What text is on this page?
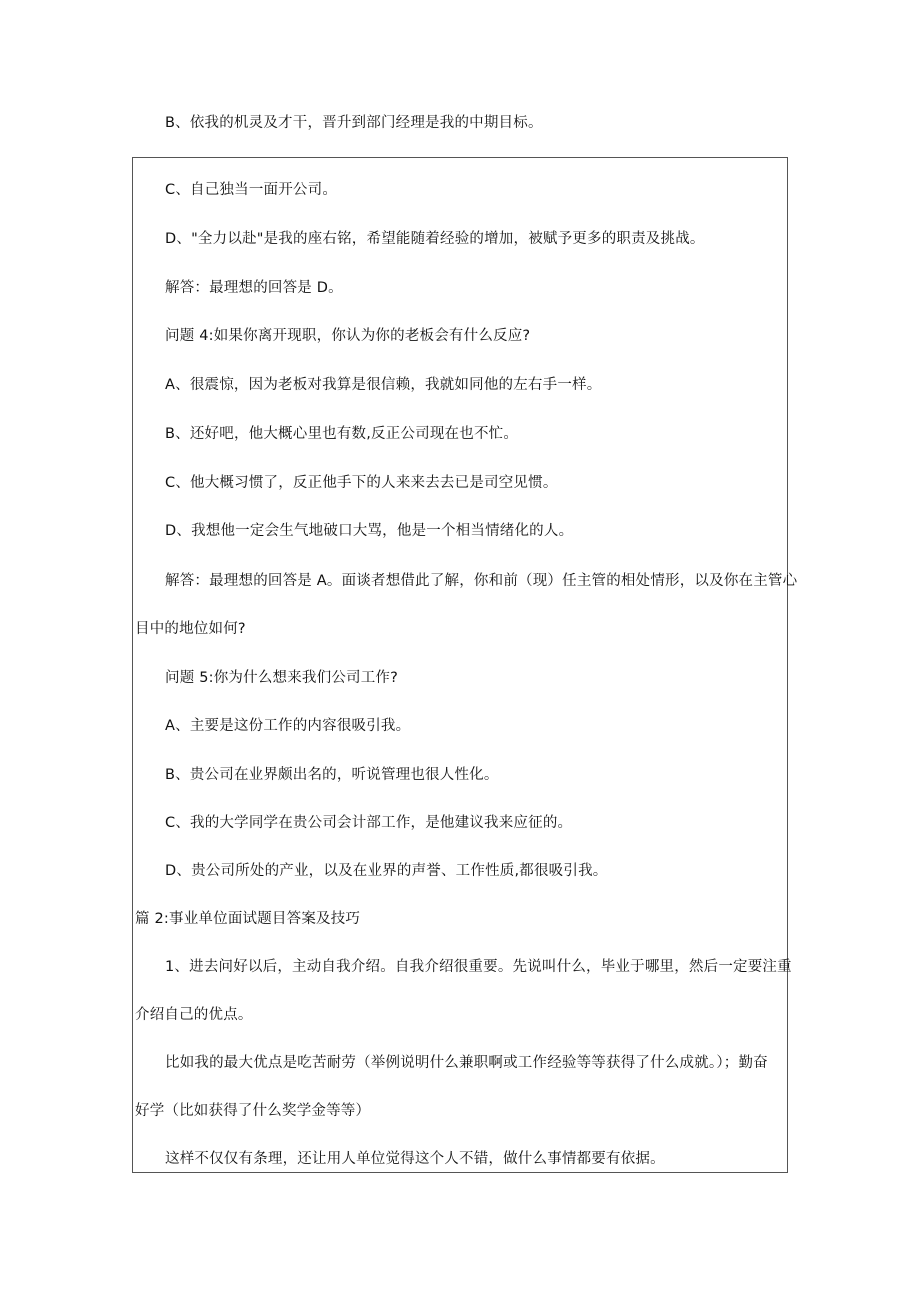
B、依我的机灵及才干，晋升到部门经理是我的中期目标。
C、自己独当一面开公司。
D、"全力以赴"是我的座右铭，希望能随着经验的增加，被赋予更多的职责及挑战。
解答：最理想的回答是 D。
问题 4:如果你离开现职，你认为你的老板会有什么反应?
A、很震惊，因为老板对我算是很信赖，我就如同他的左右手一样。
B、还好吧，他大概心里也有数,反正公司现在也不忙。
C、他大概习惯了，反正他手下的人来来去去已是司空见惯。
D、我想他一定会生气地破口大骂，他是一个相当情绪化的人。
解答：最理想的回答是 A。面谈者想借此了解，你和前（现）任主管的相处情形，以及你在主管心
目中的地位如何?
问题 5:你为什么想来我们公司工作?
A、主要是这份工作的内容很吸引我。
B、贵公司在业界颇出名的，听说管理也很人性化。
C、我的大学同学在贵公司会计部工作，是他建议我来应征的。
D、贵公司所处的产业，以及在业界的声誉、工作性质,都很吸引我。
篇 2:事业单位面试题目答案及技巧
1、进去问好以后，主动自我介绍。自我介绍很重要。先说叫什么，毕业于哪里，然后一定要注重
介绍自己的优点。
比如我的最大优点是吃苦耐劳（举例说明什么兼职啊或工作经验等等获得了什么成就。）；勤奋
好学（比如获得了什么奖学金等等）
这样不仅仅有条理，还让用人单位觉得这个人不错，做什么事情都要有依据。
